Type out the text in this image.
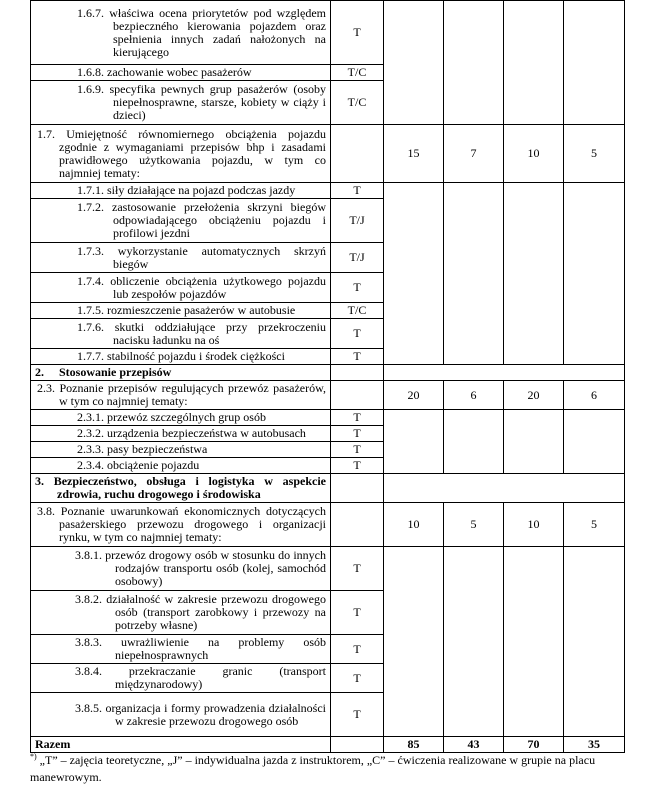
1.6.7. właściwa ocena priorytetów pod względem bezpieczného kierowania pojazdem oraz spełnienia innych zadań nałożonych na kierującego	T				
1.6.8. zachowanie wobec pasażerów	T/C				
1.6.9. specyfika pewnych grup pasażerów (osoby niepełnosprawne, starsze, kobiety w ciąży i dzieci)	T/C				
1.7. Umiejętność równomiernego obciążenia pojazdu zgodnie z wymaganiami przepisów bhp i zasadami prawidłowego użytkowania pojazdu, w tym co najmniej tematy:		15	7	10	5
1.7.1. siły działające na pojazd podczas jazdy	T				
1.7.2. zastosowanie przełożenia skrzyni biegów odpowiadającego obciążeniu pojazdu i profilowi jezdni	T/J				
1.7.3. wykorzystanie automatycznych skrzyń biegów	T/J				
1.7.4. obliczenie obciążenia użytkowego pojazdu lub zespołów pojazdów	T				
1.7.5. rozmieszczenie pasażerów w autobusie	T/C				
1.7.6. skutki oddziałujące przy przekroczeniu nacisku ładunku na oś	T				
1.7.7. stabilność pojazdu i środek ciężkości	T				
2.     Stosowanie przepisów					
2.3. Poznanie przepisów regulujących przewóz pasażerów, w tym co najmniej tematy:		20	6	20	6
2.3.1. przewóz szczególnych grup osób	T				
2.3.2. urządzenia bezpieczeństwa w autobusach	T				
2.3.3. pasy bezpieczeństwa	T				
2.3.4. obciążenie pojazdu	T				
3. Bezpieczeństwo, obsługa i logistyka w aspekcie zdrowia, ruchu drogowego i środowiska					
3.8. Poznanie uwarunkowań ekonomicznych dotyczących pasażerskiego przewozu drogowego i organizacji rynku, w tym co najmniej tematy:		10	5	10	5
3.8.1. przewóz drogowy osób w stosunku do innych rodzajów transportu osób (kolej, samochód osobowy)	T				
3.8.2. działalność w zakresie przewozu drogowego osób (transport zarobkowy i przewozy na potrzeby własne)	T				
3.8.3. uwrażliwienie na problemy osób niepełnosprawnych	T				
3.8.4. przekraczanie granic (transport międzynarodowy)	T				
3.8.5. organizacja i formy prowadzenia działalności w zakresie przewozu drogowego osób	T				
Razem		85	43	70	35
*) „T” – zajęcia teoretyczne, „J” – indywidualna jazda z instruktorem, „C” – ćwiczenia realizowane w grupie na placu manewrowym.
